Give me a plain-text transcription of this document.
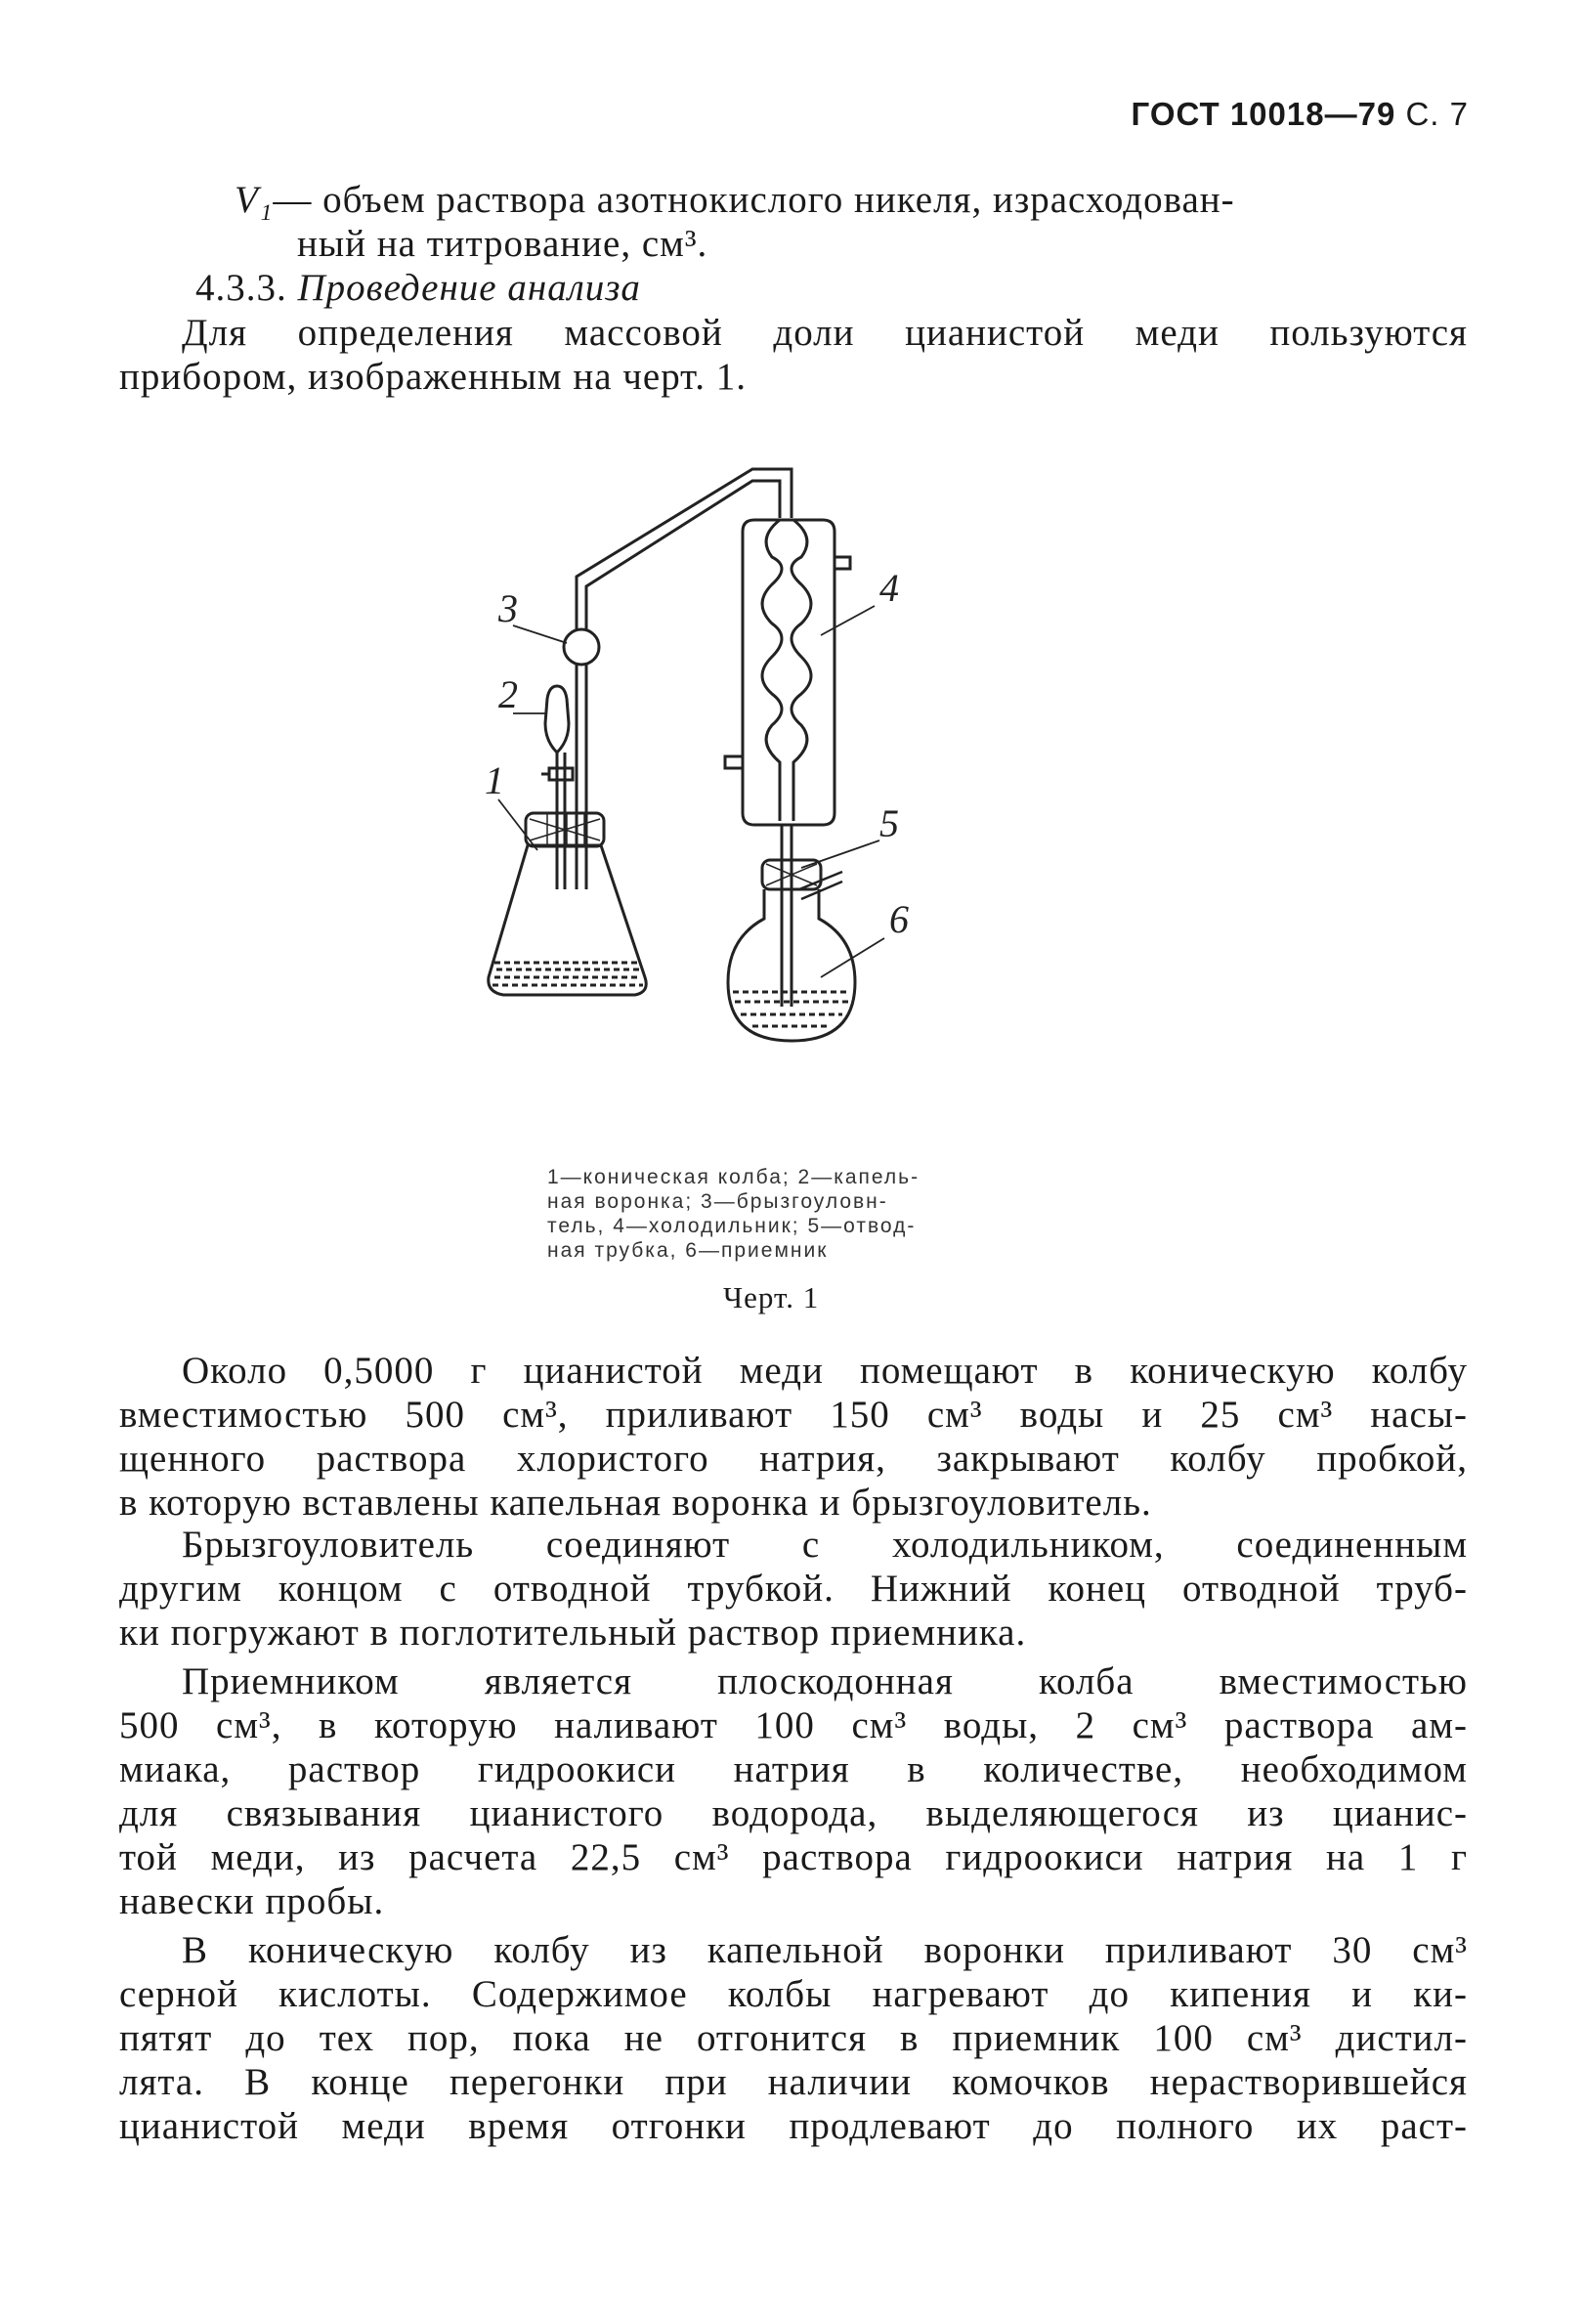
ГОСТ 10018—79 С. 7
V₁— объем раствора азотнокислого никеля, израсходован-
ный на титрование, см³.
4.3.3. Проведение анализа
Для определения массовой доли цианистой меди пользуются
прибором, изображенным на черт. 1.
3
2
1
4
5
6
1—коническая колба; 2—капель-
ная воронка; 3—брызгоуловн-
тель, 4—холодильник; 5—отвод-
ная трубка, 6—приемник
Черт. 1
Около 0,5000 г цианистой меди помещают в коническую колбу
вместимостью 500 см³, приливают 150 см³ воды и 25 см³ насы-
щенного раствора хлористого натрия, закрывают колбу пробкой,
в которую вставлены капельная воронка и брызгоуловитель.
Брызгоуловитель соединяют с холодильником, соединенным
другим концом с отводной трубкой. Нижний конец отводной труб-
ки погружают в поглотительный раствор приемника.
Приемником является плоскодонная колба вместимостью
500 см³, в которую наливают 100 см³ воды, 2 см³ раствора ам-
миака, раствор гидроокиси натрия в количестве, необходимом
для связывания цианистого водорода, выделяющегося из цианис-
той меди, из расчета 22,5 см³ раствора гидроокиси натрия на 1 г
навески пробы.
В коническую колбу из капельной воронки приливают 30 см³
серной кислоты. Содержимое колбы нагревают до кипения и ки-
пятят до тех пор, пока не отгонится в приемник 100 см³ дистил-
лята. В конце перегонки при наличии комочков нерастворившейся
цианистой меди время отгонки продлевают до полного их раст-
